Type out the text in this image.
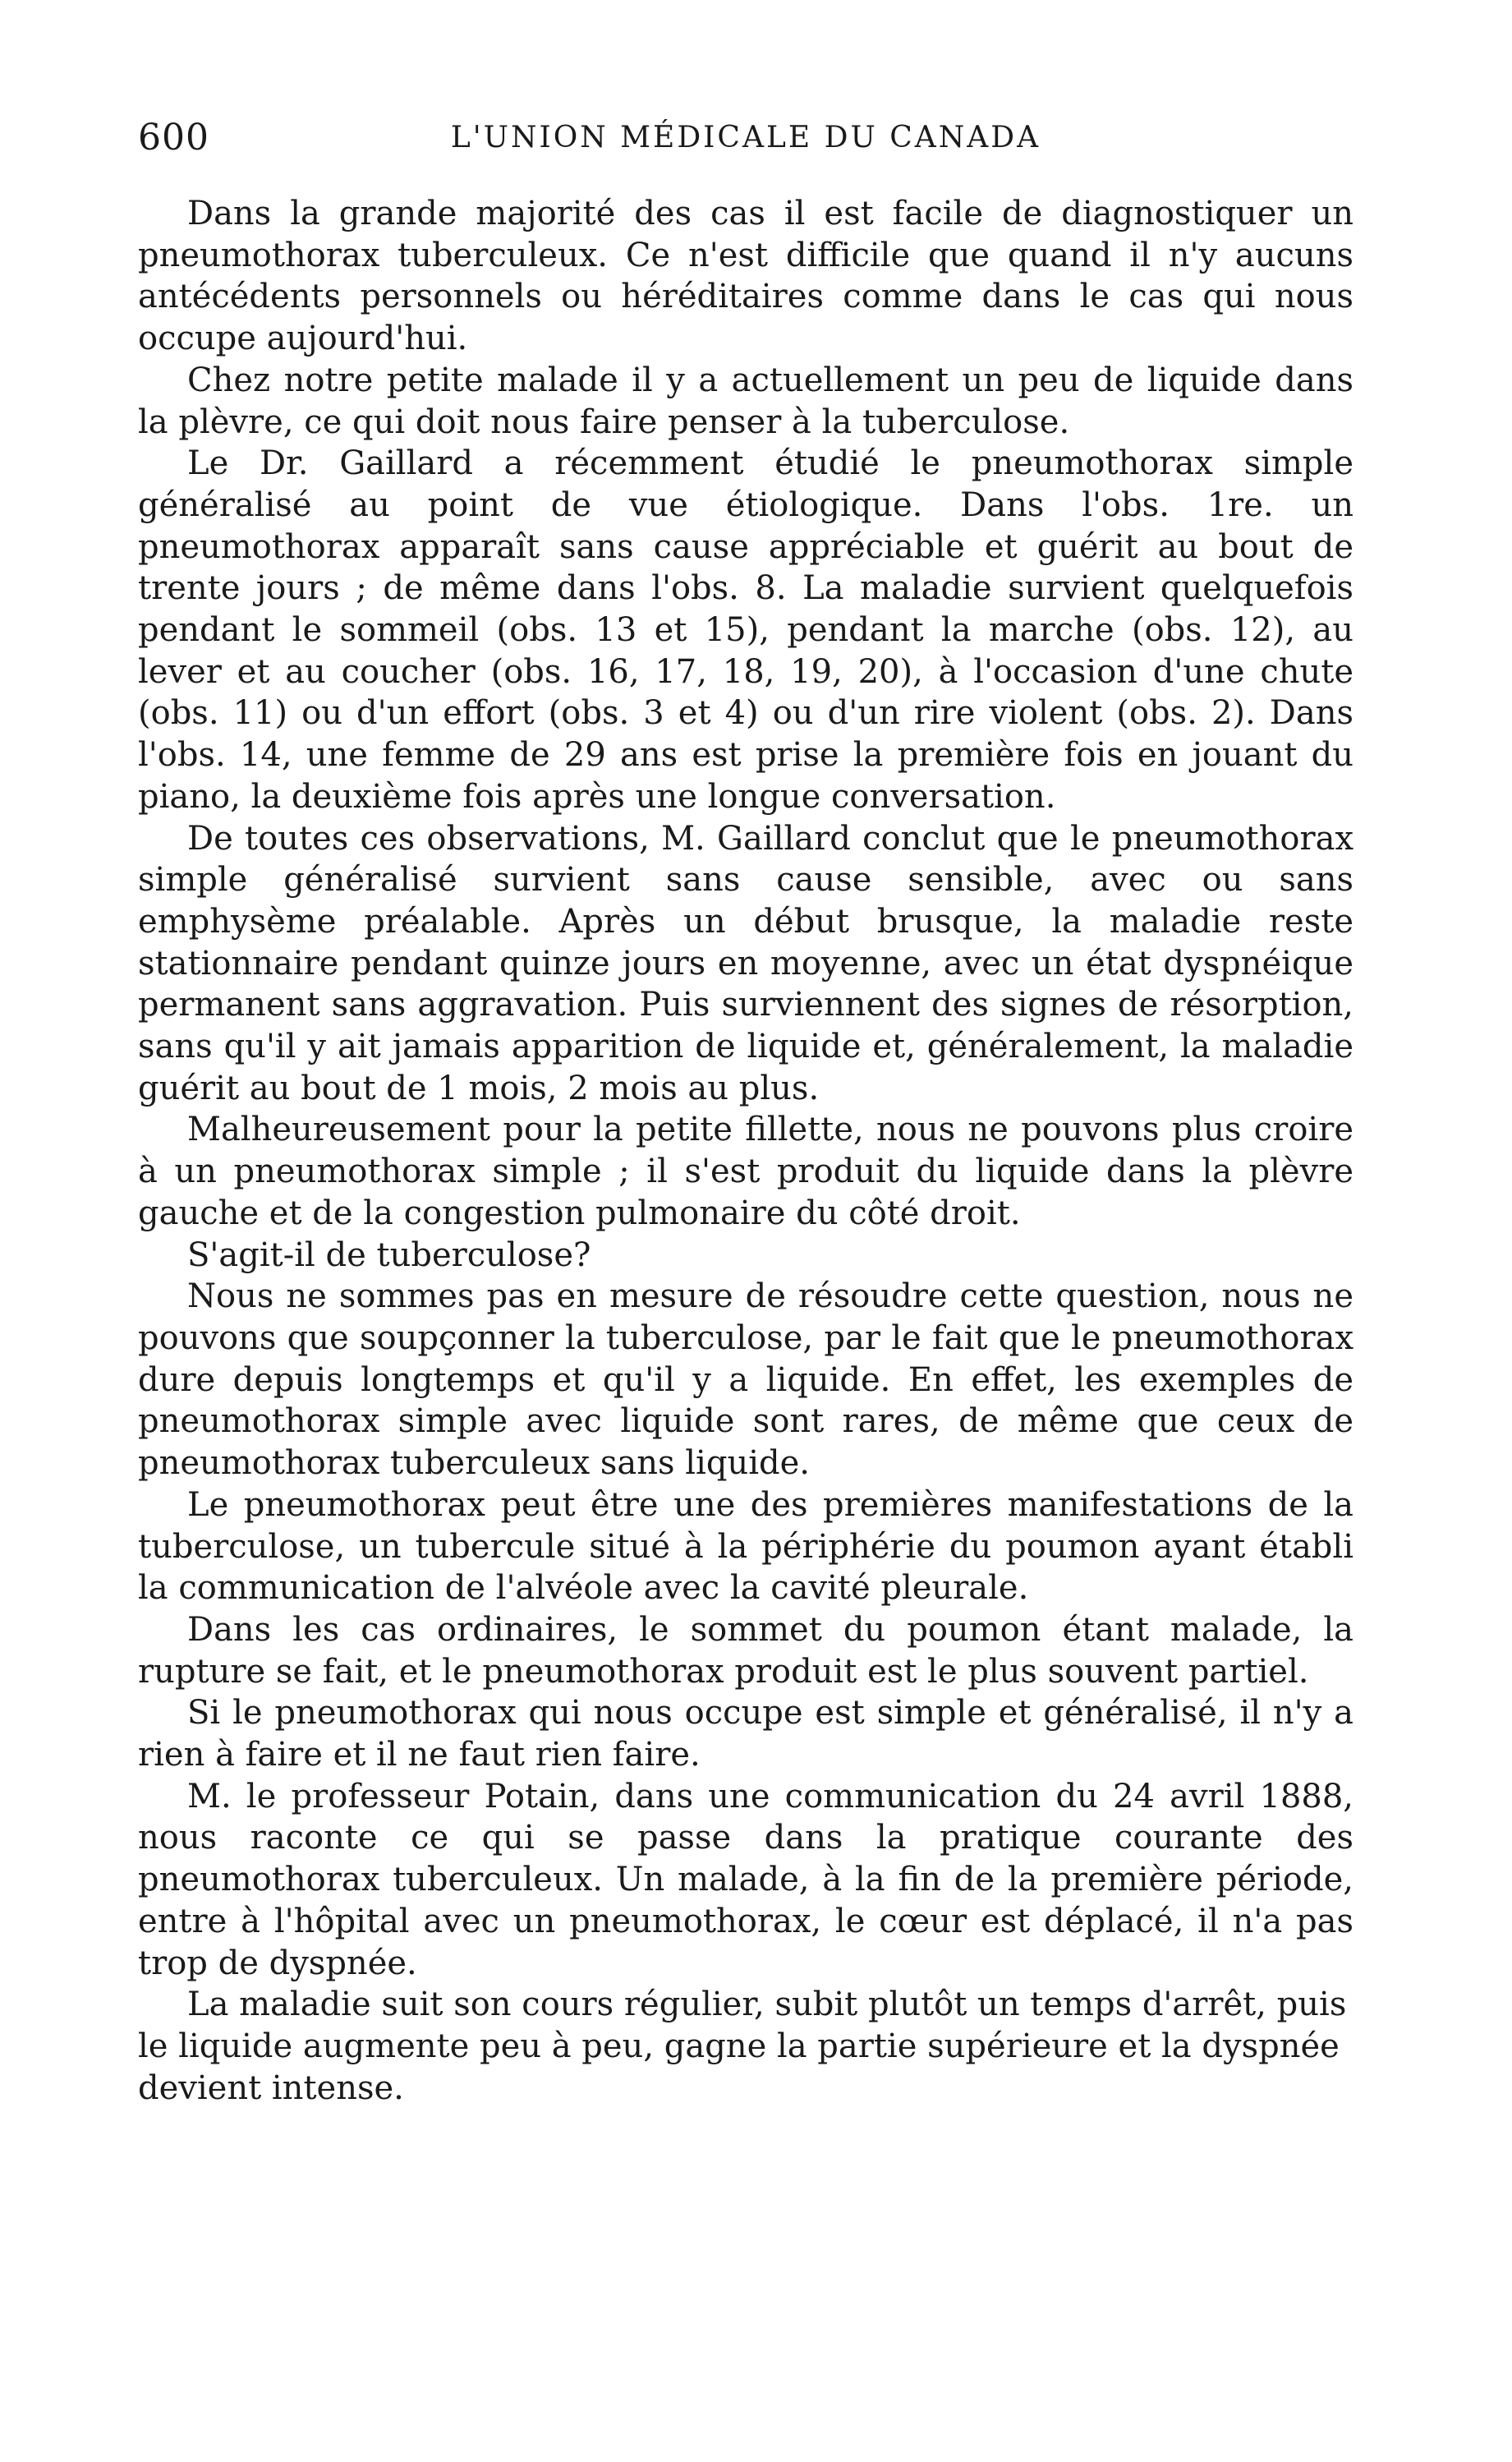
600	L'UNION MÉDICALE DU CANADA

Dans la grande majorité des cas il est facile de diagnostiquer un pneumothorax tuberculeux. Ce n'est difficile que quand il n'y aucuns antécédents personnels ou héréditaires comme dans le cas qui nous occupe aujourd'hui.

Chez notre petite malade il y a actuellement un peu de liquide dans la plèvre, ce qui doit nous faire penser à la tuberculose.

Le Dr. Gaillard a récemment étudié le pneumothorax simple généralisé au point de vue étiologique. Dans l'obs. 1re. un pneumothorax apparaît sans cause appréciable et guérit au bout de trente jours ; de même dans l'obs. 8. La maladie survient quelquefois pendant le sommeil (obs. 13 et 15), pendant la marche (obs. 12), au lever et au coucher (obs. 16, 17, 18, 19, 20), à l'occasion d'une chute (obs. 11) ou d'un effort (obs. 3 et 4) ou d'un rire violent (obs. 2). Dans l'obs. 14, une femme de 29 ans est prise la première fois en jouant du piano, la deuxième fois après une longue conversation.

De toutes ces observations, M. Gaillard conclut que le pneumothorax simple généralisé survient sans cause sensible, avec ou sans emphysème préalable. Après un début brusque, la maladie reste stationnaire pendant quinze jours en moyenne, avec un état dyspnéique permanent sans aggravation. Puis surviennent des signes de résorption, sans qu'il y ait jamais apparition de liquide et, généralement, la maladie guérit au bout de 1 mois, 2 mois au plus.

Malheureusement pour la petite fillette, nous ne pouvons plus croire à un pneumothorax simple ; il s'est produit du liquide dans la plèvre gauche et de la congestion pulmonaire du côté droit.

S'agit-il de tuberculose?

Nous ne sommes pas en mesure de résoudre cette question, nous ne pouvons que soupçonner la tuberculose, par le fait que le pneumothorax dure depuis longtemps et qu'il y a liquide. En effet, les exemples de pneumothorax simple avec liquide sont rares, de même que ceux de pneumothorax tuberculeux sans liquide.

Le pneumothorax peut être une des premières manifestations de la tuberculose, un tubercule situé à la périphérie du poumon ayant établi la communication de l'alvéole avec la cavité pleurale.

Dans les cas ordinaires, le sommet du poumon étant malade, la rupture se fait, et le pneumothorax produit est le plus souvent partiel.

Si le pneumothorax qui nous occupe est simple et généralisé, il n'y a rien à faire et il ne faut rien faire.

M. le professeur Potain, dans une communication du 24 avril 1888, nous raconte ce qui se passe dans la pratique courante des pneumothorax tuberculeux. Un malade, à la fin de la première période, entre à l'hôpital avec un pneumothorax, le cœur est déplacé, il n'a pas trop de dyspnée.

La maladie suit son cours régulier, subit plutôt un temps d'arrêt, puis le liquide augmente peu à peu, gagne la partie supérieure et la dyspnée devient intense.
